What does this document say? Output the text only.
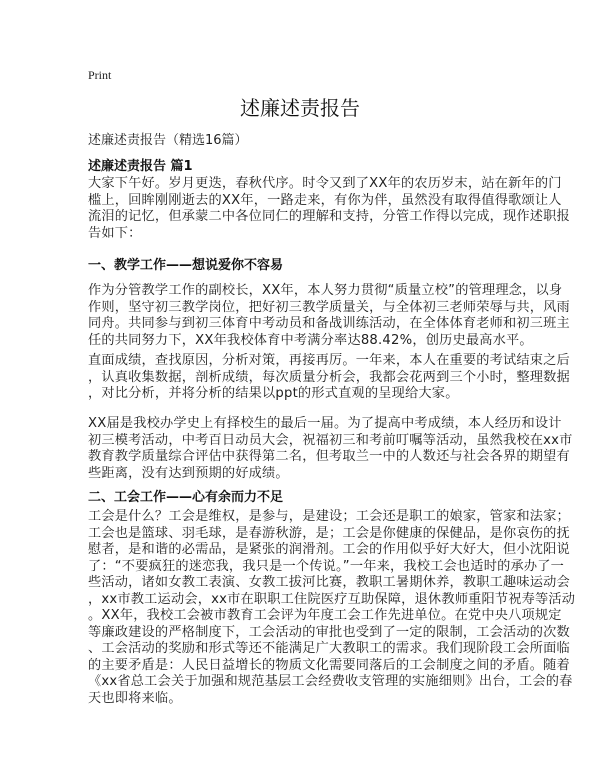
Print
述廉述责报告
述廉述责报告（精选16篇）
述廉述责报告 篇1
大家下午好。岁月更迭，春秋代序。时令又到了XX年的农历岁末，站在新年的门
槛上，回眸刚刚逝去的XX年，一路走来，有你为伴，虽然没有取得值得歌颂让人
流泪的记忆，但承蒙二中各位同仁的理解和支持，分管工作得以完成，现作述职报
告如下：
一、教学工作——想说爱你不容易
作为分管教学工作的副校长，XX年，本人努力贯彻“质量立校”的管理理念，以身
作则，坚守初三教学岗位，把好初三教学质量关，与全体初三老师荣辱与共，风雨
同舟。共同参与到初三体育中考动员和备战训练活动，在全体体育老师和初三班主
任的共同努力下，XX年我校体育中考满分率达88.42%，创历史最高水平。
直面成绩，查找原因，分析对策，再接再厉。一年来，本人在重要的考试结束之后
，认真收集数据，剖析成绩，每次质量分析会，我都会花两到三个小时，整理数据
，对比分析，并将分析的结果以ppt的形式直观的呈现给大家。
XX届是我校办学史上有择校生的最后一届。为了提高中考成绩，本人经历和设计
初三模考活动，中考百日动员大会，祝福初三和考前叮嘱等活动，虽然我校在xx市
教育教学质量综合评估中获得第二名，但考取兰一中的人数还与社会各界的期望有
些距离，没有达到预期的好成绩。
二、工会工作——心有余而力不足
工会是什么？工会是维权，是参与，是建设；工会还是职工的娘家，管家和法家；
工会也是篮球、羽毛球，是春游秋游，是；工会是你健康的保健品，是你哀伤的抚
慰者，是和谐的必需品，是紧张的润滑剂。工会的作用似乎好大好大，但小沈阳说
了：“不要疯狂的迷恋我，我只是一个传说。”一年来，我校工会也适时的承办了一
些活动，诸如女教工表演、女教工拔河比赛，教职工暑期休养，教职工趣味运动会
，xx市教工运动会，xx市在职职工住院医疗互助保障，退休教师重阳节祝寿等活动
。XX年，我校工会被市教育工会评为年度工会工作先进单位。在党中央八项规定
等廉政建设的严格制度下，工会活动的审批也受到了一定的限制，工会活动的次数
、工会活动的奖励和形式等还不能满足广大教职工的需求。我们现阶段工会所面临
的主要矛盾是：人民日益增长的物质文化需要同落后的工会制度之间的矛盾。随着
《xx省总工会关于加强和规范基层工会经费收支管理的实施细则》出台，工会的春
天也即将来临。
